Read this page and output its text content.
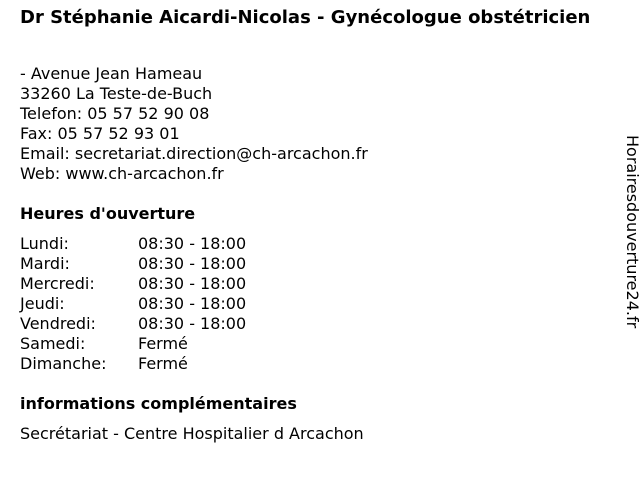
Dr Stéphanie Aicardi-Nicolas - Gynécologue obstétricien
- Avenue Jean Hameau
33260 La Teste-de-Buch
Telefon: 05 57 52 90 08
Fax: 05 57 52 93 01
Email: secretariat.direction@ch-arcachon.fr
Web: www.ch-arcachon.fr
Heures d'ouverture
Lundi:	08:30 - 18:00
Mardi:	08:30 - 18:00
Mercredi:	08:30 - 18:00
Jeudi:	08:30 - 18:00
Vendredi:	08:30 - 18:00
Samedi:	Fermé
Dimanche: Fermé
informations complémentaires
Secrétariat - Centre Hospitalier d Arcachon
Horairesdouverture24.fr
